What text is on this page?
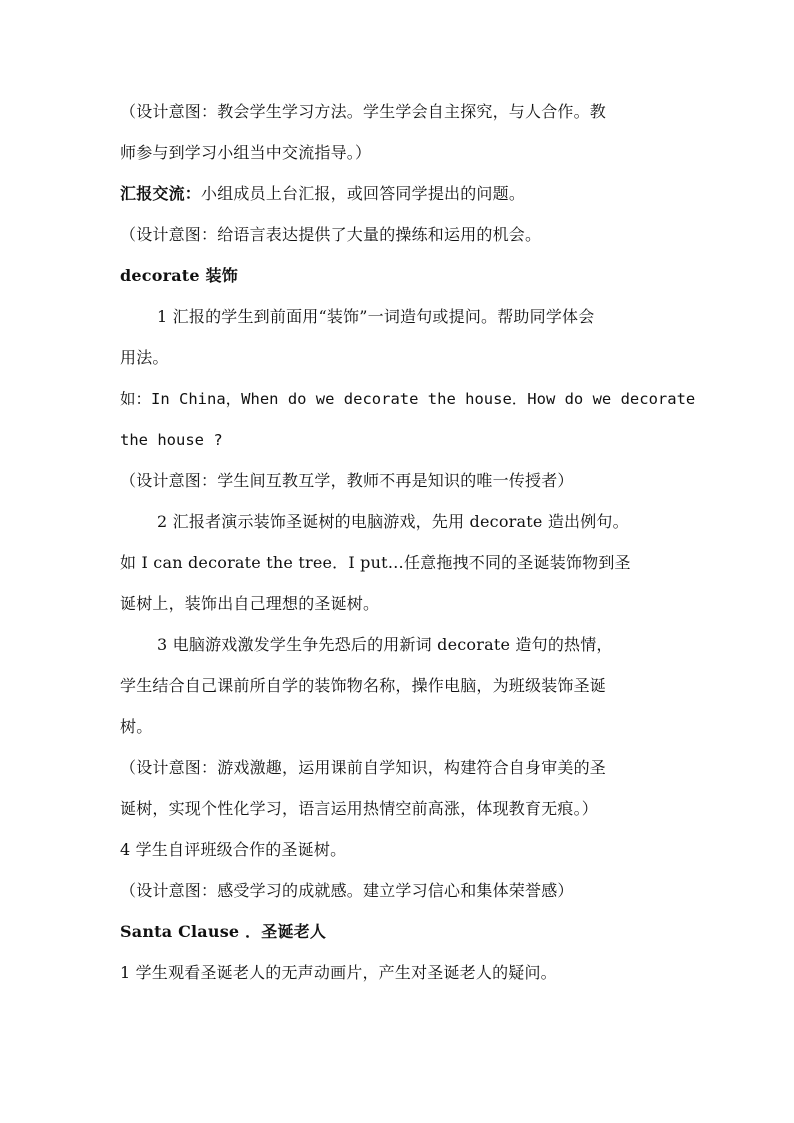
（设计意图：教会学生学习方法。学生学会自主探究，与人合作。教

师参与到学习小组当中交流指导。）

汇报交流：小组成员上台汇报，或回答同学提出的问题。

（设计意图：给语言表达提供了大量的操练和运用的机会。

decorate 装饰

1 汇报的学生到前面用“装饰”一词造句或提问。帮助同学体会

用法。

如：In China，When do we decorate the house．How do we decorate

the house ?

（设计意图：学生间互教互学，教师不再是知识的唯一传授者）

2 汇报者演示装饰圣诞树的电脑游戏，先用 decorate 造出例句。

如 I can decorate the tree．I put…任意拖拽不同的圣诞装饰物到圣

诞树上，装饰出自己理想的圣诞树。

3 电脑游戏激发学生争先恐后的用新词 decorate 造句的热情，

学生结合自己课前所自学的装饰物名称，操作电脑，为班级装饰圣诞

树。

（设计意图：游戏激趣，运用课前自学知识，构建符合自身审美的圣

诞树，实现个性化学习，语言运用热情空前高涨，体现教育无痕。）

4 学生自评班级合作的圣诞树。

（设计意图：感受学习的成就感。建立学习信心和集体荣誉感）

Santa Clause ．圣诞老人

1 学生观看圣诞老人的无声动画片，产生对圣诞老人的疑问。
